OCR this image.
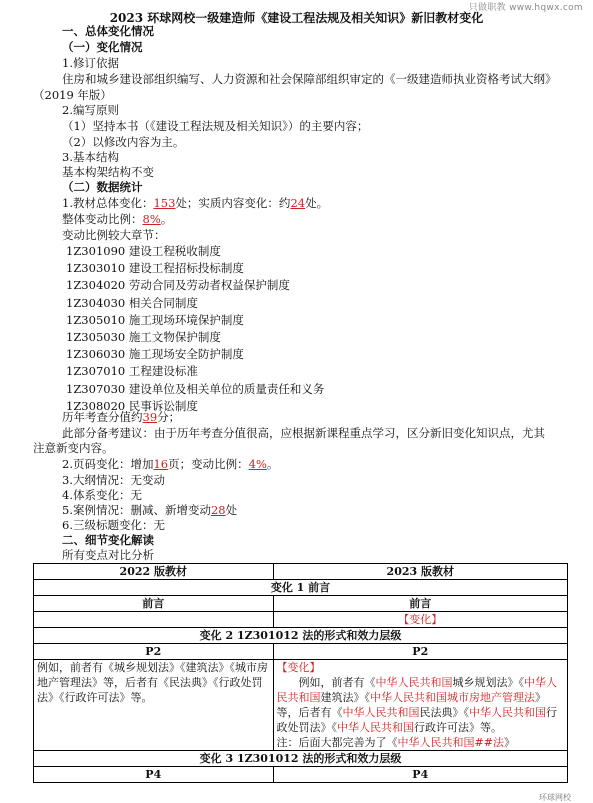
只做职教 www.hqwx.com
2023 环球网校一级建造师《建设工程法规及相关知识》新旧教材变化
一、总体变化情况
（一）变化情况
1.修订依据
住房和城乡建设部组织编写、人力资源和社会保障部组织审定的《一级建造师执业资格考试大纲》
（2019 年版）
2.编写原则
（1）坚持本书（《建设工程法规及相关知识》）的主要内容；
（2）以修改内容为主。
3.基本结构
基本构架结构不变
（二）数据统计
1.教材总体变化：153处；实质内容变化：约24处。
整体变动比例：8%。
变动比例较大章节：
1Z301090 建设工程税收制度
1Z303010 建设工程招标投标制度
1Z304020 劳动合同及劳动者权益保护制度
1Z304030 相关合同制度
1Z305010 施工现场环境保护制度
1Z305030 施工文物保护制度
1Z306030 施工现场安全防护制度
1Z307010 工程建设标准
1Z307030 建设单位及相关单位的质量责任和义务
1Z308020 民事诉讼制度
历年考查分值约39分；
此部分备考建议：由于历年考查分值很高，应根据新课程重点学习，区分新旧变化知识点，尤其
注意新变内容。
2.页码变化：增加16页；变动比例：4%。
3.大纲情况：无变动
4.体系变化：无
5.案例情况：删减、新增变动28处
6.三级标题变化：无
二、细节变化解读
所有变点对比分析
2022 版教材	2023 版教材
变化 1 前言	
前言	前言
	【变化】
变化 2 1Z301012 法的形式和效力层级	
P2	P2
例如，前者有《城乡规划法》《建筑法》《城市房地产管理法》等，后者有《民法典》《行政处罚法》《行政许可法》等。	【变化】
例如，前者有《中华人民共和国城乡规划法》《中华人民共和国建筑法》《中华人民共和国城市房地产管理法》等，后者有《中华人民共和国民法典》《中华人民共和国行政处罚法》《中华人民共和国行政许可法》等。
注：后面大都完善为了《中华人民共和国##法》

变化 3 1Z301012 法的形式和效力层级	
P4	P4
环球网校
